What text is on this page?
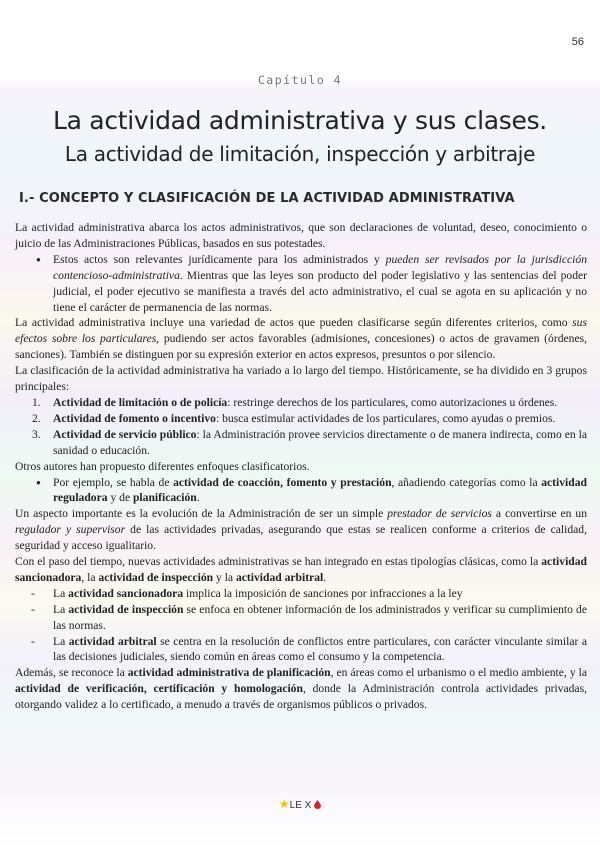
56
Capítulo 4
La actividad administrativa y sus clases.
La actividad de limitación, inspección y arbitraje
I.- CONCEPTO Y CLASIFICACIÓN DE LA ACTIVIDAD ADMINISTRATIVA

La actividad administrativa abarca los actos administrativos, que son declaraciones de voluntad, deseo, conocimiento o juicio de las Administraciones Públicas, basados en sus potestades.

● Estos actos son relevantes jurídicamente para los administrados y pueden ser revisados por la jurisdicción contencioso-administrativa. Mientras que las leyes son producto del poder legislativo y las sentencias del poder judicial, el poder ejecutivo se manifiesta a través del acto administrativo, el cual se agota en su aplicación y no tiene el carácter de permanencia de las normas.

La actividad administrativa incluye una variedad de actos que pueden clasificarse según diferentes criterios, como sus efectos sobre los particulares, pudiendo ser actos favorables (admisiones, concesiones) o actos de gravamen (órdenes, sanciones). También se distinguen por su expresión exterior en actos expresos, presuntos o por silencio.

La clasificación de la actividad administrativa ha variado a lo largo del tiempo. Históricamente, se ha dividido en 3 grupos principales:

1. Actividad de limitación o de policía: restringe derechos de los particulares, como autorizaciones u órdenes.
2. Actividad de fomento o incentivo: busca estimular actividades de los particulares, como ayudas o premios.
3. Actividad de servicio público: la Administración provee servicios directamente o de manera indirecta, como en la sanidad o educación.

Otros autores han propuesto diferentes enfoques clasificatorios.

● Por ejemplo, se habla de actividad de coacción, fomento y prestación, añadiendo categorías como la actividad reguladora y de planificación.

Un aspecto importante es la evolución de la Administración de ser un simple prestador de servicios a convertirse en un regulador y supervisor de las actividades privadas, asegurando que estas se realicen conforme a criterios de calidad, seguridad y acceso igualitario.

Con el paso del tiempo, nuevas actividades administrativas se han integrado en estas tipologías clásicas, como la actividad sancionadora, la actividad de inspección y la actividad arbitral.

- La actividad sancionadora implica la imposición de sanciones por infracciones a la ley
- La actividad de inspección se enfoca en obtener información de los administrados y verificar su cumplimiento de las normas.
- La actividad arbitral se centra en la resolución de conflictos entre particulares, con carácter vinculante similar a las decisiones judiciales, siendo común en áreas como el consumo y la competencia.

Además, se reconoce la actividad administrativa de planificación, en áreas como el urbanismo o el medio ambiente, y la actividad de verificación, certificación y homologación, donde la Administración controla actividades privadas, otorgando validez a lo certificado, a menudo a través de organismos públicos o privados.

★LE X
